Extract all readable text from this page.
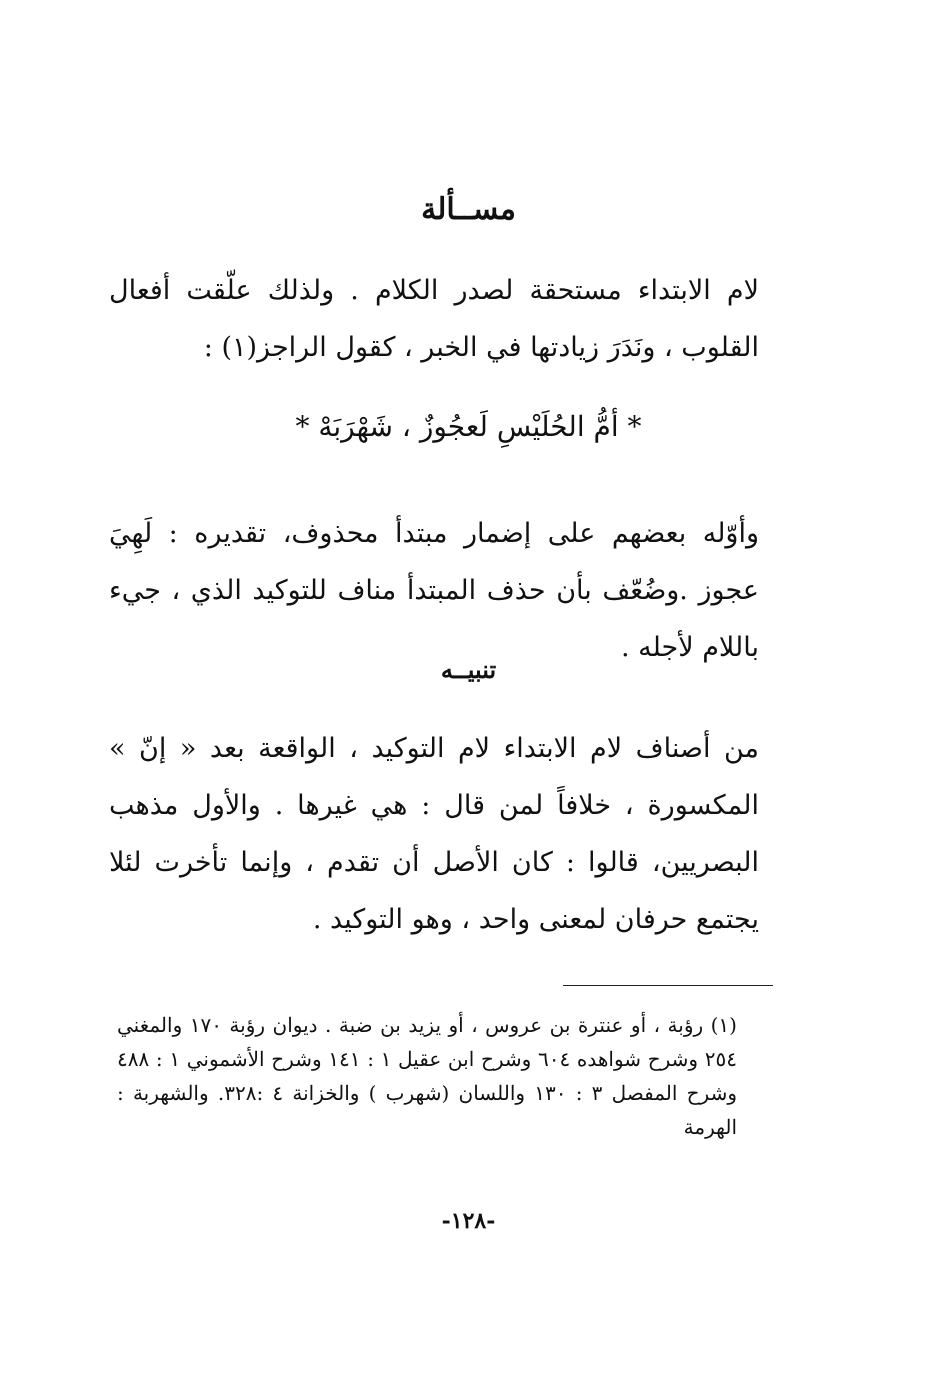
مســألة
لام الابتداء مستحقة لصدر الكلام . ولذلك علّقت أفعال القلوب ، ونَدَرَ زيادتها في الخبر ، كقول الراجز(١) :
* أمُّ الحُلَيْسِ لَعجُوزٌ ، شَهْرَبَهْ *
وأوّله بعضهم على إضمار مبتدأ محذوف، تقديره : لَهِيَ عجوز .وضُعّف بأن حذف المبتدأ مناف للتوكيد الذي ، جيء باللام لأجله .
تنبيــه
من أصناف لام الابتداء لام التوكيد ، الواقعة بعد « إنّ » المكسورة ، خلافاً لمن قال : هي غيرها . والأول مذهب البصريين، قالوا : كان الأصل أن تقدم ، وإنما تأخرت لئلا يجتمع حرفان لمعنى واحد ، وهو التوكيد .
(١) رؤبة ، أو عنترة بن عروس ، أو يزيد بن ضبة . ديوان رؤبة ١٧٠ والمغني ٢٥٤ وشرح شواهده ٦٠٤ وشرح ابن عقيل ١ : ١٤١ وشرح الأشموني ١ : ٤٨٨ وشرح المفصل ٣ : ١٣٠ واللسان (شهرب ) والخزانة ٤ :٣٢٨. والشهربة : الهرمة
-١٢٨-
